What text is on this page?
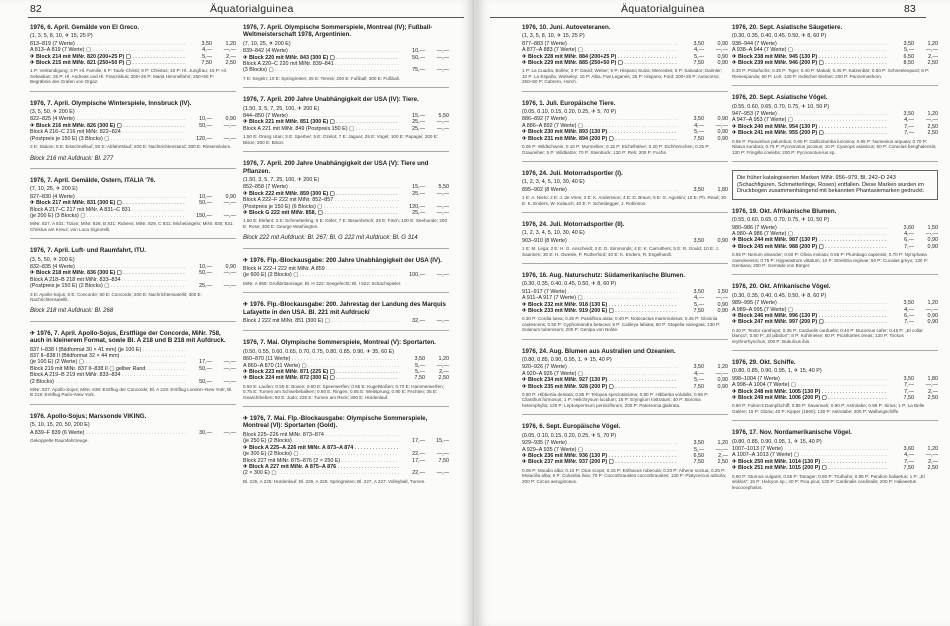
82	Äquatorialguinea
1976, 6. April. Gemälde von El Greco.
(1, 3, 5, 8, 10, ✈ 15, 25 P)
813–819 (7 Werte) . . .	3,50	1,20
A 813–A 819 (7 Werte) ▢ . . .	4,—	—,—
✈ Block 214 mit MiNr. 820 (200+25 P) ▢ . . .	5,—	2,—
✈ Block 215 mit MiNr. 821 (250+50 P) ▢ . . .	7,50	2,50
1 P: Verkündigung; 3 P: Hl. Familie; 5 P: Taufe Christi; 8 P: Christus; 10 P: Hl. Jungfrau; 15 P: Hl. Sebastian; 25 P: Hl. Andreas und Hl. Franziskus; 200+25 P: Mariä Himmelfahrt; 250+50 P: Begräbnis des Grafen von Orgaz.
1976, 7. April. Olympische Winterspiele, Innsbruck (IV).
(3, 5, 50, ✈ 200 E)
822–825 (4 Werte) . . .	10,—	0,90
✈ Block 216 mit MiNr. 826 (300 E) ▢ . . .	50,—	—,—
Block A 216–C 216 mit MiNr. 822–824 . . .
(Postpreis je 150 E) (3 Blocks) ▢ . . .	120,—	—,—
3 E: Slalom; 5 E: Eisschnellauf; 50 E: Abfahrtslauf; 200 E: Nachtrichtenstand; 300 E: Riesenslalom.
Block 216 mit Aufdruck: Bl. 277
1976, 7. April. Gemälde, Ostern, ITALIA '76.
(7, 10, 25, ✈ 200 E)
827–830 (4 Werte) . . .	10,—	0,90
✈ Block 217 mit MiNr. 831 (300 E) ▢ . . .	50,—	—,—
Block A 217–C 217 mit MiNr. A 831–C 831 . . .
(je 200 E) (3 Blocks) ▢ . . .	150,—	—,—
MiNr. 827, A 831: Tizian; MiNr. 828, B 831: Rubens; MiNr. 829, C 831: Michelangelo; MiNr. 830, 831: Christus am Kreuz; von Luca Signorelli.
1976, 7. April. Luft- und Raumfahrt, ITU.
(3, 5, 50, ✈ 200 E)
832–835 (4 Werte) . . .	10,—	0,90
✈ Block 218 mit MiNr. 836 (300 E) ▢ . . .	50,—	—,—
Block A 218–B 218 mit MiNr. 833–834 . . .
(Postpreis je 150 E) (2 Blocks) ▢ . . .	25,—	—,—
3 E: Apollo-Sojus; 5 E: Concorde; 50 E: Concorde; 200 E: Nachrichtensatellit; 300 E: Nachrichtensatellit.
Block 218 mit Aufdruck: Bl. 268
✈ 1976, 7. April. Apollo-Sojus, Erstflüge der Concorde, MiNr. 758, auch in kleinerem Format, sowie Bl. A 218 und B 218 mit Aufdruck.
837 I–838 I (Bildformat 30 × 41 mm) (je 100 E) . . .
837 II–838 II (Bildformat 32 × 44 mm) . . .
(je 100 E) (2 Werte) ▢ . . .	17,—	—,—
Block 219 mit MiNr. 837 II–838 II ▢ gelber Rand . . .	50,—	—,—
Block A 219–B 219 mit MiNr. 833–834 . . .
(2 Blocks) . . .	50,—	—,—
MiNr. 837: Apollo-Sojus; MiNr. 838: Erstflug der Concorde; Bl. A 219: Erstflug London–New York; Bl. B 219: Erstflug Paris–New York.
1976. Apollo-Sojus; Marssonde VIKING.
(5, 10, 15, 20, 50, 200 E)
A 839–F 839 (6 Werte) . . .	30,—	—,—
Gekoppelte Raumfahrzeuge.
1976, 7. April. Olympische Sommerspiele, Montreal (IV); Fußball-Weltmeisterschaft 1978, Argentinien.
(7, 10, 25, ✈ 200 E)
839–842 (4 Werte) . . .	10,—	—,—
✈ Block 220 mit MiNr. 843 (300 E) ▢ . . .	50,—	—,—
Block A 220–C 220 mit MiNr. 839–841 . . .
(3 Blocks) ▢ . . .	75,—	—,—
7 E: Segeln; 10 E: Springreiten; 25 E: Tennis; 200 E: Fußball; 300 E: Fußball.
1976, 7. April. 200 Jahre Unabhängigkeit der USA (IV): Tiere.
(1.50, 3, 5, 7, 25, 100, ✈ 200 E)
844–850 (7 Werte) . . .	15,—	5,50
✈ Block 221 mit MiNr. 851 (300 E) ▢ . . .	25,—	—,—
Block A 221 mit MiNr. 849 (Postpreis 150 E) ▢ . . .	25,—	—,—
1.50 E: Orang Utan; 3 E: Sperber; 5 E: Ozelot; 7 E: Jaguar; 25 E: Vogel; 100 E: Papagei; 200 E: Bison; 300 E: Bison.
1976, 7. April. 200 Jahre Unabhängigkeit der USA (V): Tiere und Pflanzen.
(1.50, 3, 5, 7, 25, 100, ✈ 200 E)
852–858 (7 Werte) . . .	15,—	5,50
✈ Block 222 mit MiNr. 859 (300 E) ▢ . . .	25,—	—,—
Block A 222–F 222 mit MiNr. 852–857 . . .
(Postpreis je 150 E) (6 Blocks) ▢ . . .	120,—	—,—
✈ Block G 222 mit MiNr. 858, ▢ . . .	25,—	—,—
1.50 E: Elefant; 3 E: Schmetterling; 5 E: Käfer; 7 E: Bisamhirsch; 25 E: Fisch; 100 E: Seehunde; 200 E: Rose; 300 E: George Washington.
Block 222 mit Aufdruck: Bl. 267; Bl. G 222 mit Aufdruck: Bl. G 314
✈ 1976. Flp.-Blockausgabe: 200 Jahre Unabhängigkeit der USA (IV).
Block H 222–I 222 mit MiNr. A 859 . . .
(je 600 E) (2 Blocks) ▢ . . .	100,—	—,—
MiNr. A 859: Großbritanniage; Bl. H 322: Seegefecht; Bl. I 522: Schachspieler.
✈ 1976. Flp.-Blockausgabe: 200. Jahrestag der Landung des Marquis Lafayette in den USA. Bl. 221 mit Aufdruck/
Block J 222 mit MiNr. 851 (300 E) ▢ . . .	32,—	—,—
1976, 7. Mai. Olympische Sommerspiele, Montreal (V): Sportarten.
(0.50, 0.55, 0.60, 0.65, 0.70, 0.75, 0.80, 0.85, 0.90, ✈ 35, 60 E)
860–870 (11 Werte) . . .	3,50	1,20
A 860–A 870 (11 Werte) ▢ . . .	5,—	—,—
✈ Block 223 mit MiNr. 871 (225 E) ▢ . . .	5,—	2,—
✈ Block 224 mit MiNr. 872 (300 E) ▢ . . .	7,50	2,50
0.50 E: Laufen; 0.55 E: Boxen; 0.60 E: Speerwerfen; 0.65 E: Kugelstoßen; 0.70 E: Hammerwerfen; 0.75 E: Turnen am Schwebebalken; 0.80 E: Ringen; 0.85 E: Weitsprung; 0.90 E: Fechten; 35 E: Gewichtheben; 60 E: Judo; 225 E: Turnen am Reck; 300 E: Hürdenlauf.
✈ 1976, 7. Mai. Flp.-Blockausgabe: Olympische Sommerspiele, Montreal (VI): Sportarten (Gold).
Block 225–226 mit MiNr. 873–874 . . .
(je 250 E) (2 Blocks) . . .	17,—	15,—
✈ Block A 225–A 226 mit MiNr. A 873–A 874 . . .
(je 300 E) (2 Blocks) ▢ . . .	22,—	—,—
Block 227 mit MiNr. 875–876 (2 × 250 E) . . .	17,—	7,50
✈ Block A 227 mit MiNr. A 875–A 876 . . .
(2 × 300 E) ▢ . . .	22,—	—,—
Bl. 225, A 225: Hürdenlauf; Bl. 226, A 226: Springreiten; Bl. 227, A 227: Volleyball, Turnen.
Äquatorialguinea	83
1976, 10. Juni. Autoveteranen.
(1, 3, 5, 8, 10, ✈ 15, 25 P)
877–883 (7 Werte) . . .	3,50	0,90
A 877–A 883 (7 Werte) ▢ . . .	4,—	—,—
✈ Block 228 mit MiNr. 884 (200+25 P) . . .	5,—	0,90
✈ Block 229 mit MiNr. 885 (250+50 P) ▢ . . .	7,50	0,90
1 P: La Cuadra, Bollée; 3 P: David; Weber; 5 P: Hispano Suiza; Mercedes; 8 P: Salvador; Daimler; 10 P: La España, Wolseley; 15 P: Alba, Fiat Leganés; 25 P: Hispano; Ford; 200+25 P: Autocorso; 250+50 P: Cabrero, Horch.
1976, 1. Juli. Europäische Tiere.
(0.05, 0.10, 0.15, 0.20, 0.25, ✈ 5, 70 P)
886–892 (7 Werte) . . .	3,50	0,90
A 886–A 892 (7 Werte) ▢ . . .	4,—	—,—
✈ Block 230 mit MiNr. 893 (130 P) . . .	5,—	0,90
✈ Block 231 mit MiNr. 894 (200 P) ▢ . . .	7,50	0,90
0.05 P: Wildschwein; 0.10 P: Murmeltier; 0.15 P: Eichelhäher; 0.20 P: Eichhörnchen; 0.25 P: Graureiher; 5 P: Wildkatze; 70 P: Steinbock; 130 P: Reh; 200 P: Fuchs.
1976, 24. Juli. Motorradsportler (I).
(1, 2, 3, 4, 5, 10, 30, 40 E)
895–902 (8 Werte) . . .	3,50	1,80
1 E: A. Nieto; 2 E: J. de Vries; 3 E: K. Andersson; 4 E: D. Braun; 5 E: G. Agostini; 10 E: Ph. Read; 30 E: K. Enders, W. Kalauch; 40 E: F. Scheidegger, J. Robinson.
1976, 24. Juli. Motorradsportler (II).
(1, 2, 3, 4, 5, 10, 30, 40 E)
903–910 (8 Werte) . . .	3,50	0,90
1 E: M. Lega; 2 E: H. G. Anscheidt; 3 E: D. Simmonds; 4 E: K. Carruthers; 5 E: R. Gould; 10 E: J. Saarinen; 30 E: H. Owesle, P. Rutherford; 40 E: K. Enders, R. Engelhardt.
1976, 16. Aug. Naturschutz: Südamerikanische Blumen.
(0.30, 0.35, 0.40, 0.45, 0.50, ✈ 8, 60 P)
911–917 (7 Werte) . . .	3,50	1,50
A 911–A 917 (7 Werte) ▢ . . .	4,—	—,—
✈ Block 232 mit MiNr. 918 (130 E) . . .	5,—	0,90
✈ Block 233 mit MiNr. 919 (200 E) ▢ . . .	7,50	0,90
0.30 P: Cordia lutea; 0.35 P: Passiflora alata; 0.40 P: Notocactus mammulosus; 0.45 P: Gloxinia caulescens; 0.50 P: Cyphomandra betacea; 8 P: Catileya labiata; 60 P: Stapelia variegata; 130 P: Solanum tuberosum; 200 P: Genipa von Nolde.
1976, 24. Aug. Blumen aus Australien und Ozeanien.
(0.80, 0.85, 0.90, 0.95, 1, ✈ 15, 40 P)
920–926 (7 Werte) . . .	3,50	1,20
A 920–A 926 (7 Werte) ▢ . . .	4,—	—,—
✈ Block 234 mit MiNr. 927 (130 P) . . .	5,—	0,90
✈ Block 235 mit MiNr. 928 (200 P) ▢ . . .	7,50	0,90
0.80 P: Hibbertia dentata; 0.85 P: Telopea speciosissima; 0.90 P: Hibbertia volubilis; 0.95 P: Clianthus formosus; 1 P: Helichrysum lucidum; 15 P: Eryngium rostratum; 40 P: Boronia heterophylla; 130 P: Leptospermum persiciflorum; 200 P: Patersonia glabrata.
1976, 6. Sept. Europäische Vögel.
(0.05, 0.10, 0.15, 0.20, 0.25, ✈ 5, 70 P)
929–935 (7 Werte) . . .	3,50	1,20
A 929–A 935 (7 Werte) ▢ . . .	5,—	—,—
✈ Block 236 mit MiNr. 936 (130 P) . . .	6,50	2,—
✈ Block 237 mit MiNr. 937 (200 P) ▢ . . .	7,50	2,50
0.05 P: Moudio alba; 0.10 P: Otus scops; 0.15 P: Erithacus rubecula; 0.20 P: Athene noctua; 0.25 P: Motacilla alba; 5 P: Columba livia; 70 P: Coccothraustes coccothraustes; 130 P: Platycercus adscita; 200 P: Circus aeruginosus.
1976, 20. Sept. Asiatische Säugetiere.
(0.30, 0.35, 0.40, 0.45, 0.50, ✈ 8, 60 P)
938–944 (7 Werte) . . .	3,50	1,20
A 938–A 944 (7 Werte) ▢ . . .	5,—	—,—
✈ Block 238 mit MiNr. 945 (130 P) . . .	6,50	2,—
✈ Block 239 mit MiNr. 946 (200 P) ▢ . . .	8,50	2,50
0.30 P: Polarfuchs; 0.35 P: Tiger; 0.40 P: Makak; 0.45 P: Katzenbär; 0.50 P: Schneeleopard; 8 P: Riesenpanda; 60 P: Lori; 130 P: Indischer Elefant; 200 P: Panzernashorn.
1976, 20. Sept. Asiatische Vögel.
(0.55, 0.60, 0.65, 0.70, 0.75, ✈ 10, 50 P)
947–953 (7 Werte) . . .	3,50	1,20
A 947–A 953 (7 Werte) ▢ . . .	4,—	—,—
✈ Block 240 mit MiNr. 954 (130 P) . . .	7,—	2,50
✈ Block 241 mit MiNr. 955 (200 P) ▢ . . .	7,—	2,50
0.55 P: Paoumbus palumbus; 0.60 P: Gallicolumba luzonica; 0.65 P: Numenius arquata; 0.70 P: Nitava sundara; 0.75 P: Pycnonotus jocosus; 10 P: Cyanops asiaticus; 50 P: Coracias benghalensis; 130 P: Fringilla coelebs; 200 P: Pycnonotus-lus sp.
Die früher katalogisierten Marken MiNr. 956–979, Bl. 242–D 243 (Schachfiguren, Schmetterlinge, Rosen) entfallen. Diese Marken wurden im Druckbogen zusammenhängend mit bekannten Phantasiemarken gedruckt.
1976, 19. Okt. Afrikanische Blumen.
(0.55, 0.60, 0.65, 0.70, 0.75, ✈ 10, 50 P)
980–986 (7 Werte) . . .	3,60	1,50
A 980–A 986 (7 Werte) ▢ . . .	4,—	—,—
✈ Block 244 mit MiNr. 987 (130 P) . . .	6,—	0,90
✈ Block 245 mit MiNr. 988 (200 P) ▢ . . .	7,—	0,90
0.55 P: Nerium oleander; 0.60 P: Olivia miniata; 0.65 P: Plumbago capensis; 0.70 P: Nymphaea caeruleensis; 0.75 P: Hippeastrum vittatum; 10 P: Strelitzia reginae; 50 P: Cucalas greyo; 130 P: Gentiana; 200 P: Gernäde von Bürger.
1976, 20. Okt. Afrikanische Vögel.
(0.30, 0.35, 0.40, 0.45, 0.50, ✈ 8, 60 P)
989–995 (7 Werte) . . .	3,50	1,20
A 989–A 995 (7 Werte) ▢ . . .	4,—	—,—
✈ Block 246 mit MiNr. 996 (130 P) . . .	6,—	0,90
✈ Block 247 mit MiNr. 997 (200 P) ▢ . . .	7,—	0,90
0.30 P: Textor xanthops; 0.35 P: Carduelis carduelis; 0.40 P: Bucorvus cafer; 0.45 P: „El collar blanco“; 0.50 P: „El pibidon“; 8 P: Kohlmeise; 60 P: Picathartes oreas; 130 P: Tockus erythrorhynchus; 200 P: Bubulcus ibis.
1976, 29. Okt. Schiffe.
(0.80, 0.85, 0.90, 0.95, 1, ✈ 15, 40 P)
998–1004 (7 Werte) . . .	3,50	1,80
A 998–A 1004 (7 Werte) ▢ . . .	7,—	—,—
✈ Block 248 mit MiNr. 1005 (130 P) . . .	7,—	2,—
✈ Block 249 mit MiNr. 1006 (200 P) ▢ . . .	7,50	2,50
0.80 P: Fulton's Dampfschiff; 0.85 P: Savannah; 0.90 P: Astrolabe; 0.95 P: Sirius; 1 P: La Belle Galère; 15 P: Gloria; 40 P: Kipper (1860); 130 P: Astrolabe; 200 P: Walfangschiffe.
1976, 17. Nov. Nordamerikanische Vögel.
(0.80, 0.85, 0.90, 0.95, 1, ✈ 15, 40 P)
1007–1013 (7 Werte) . . .	3,60	1,20
A 1007–A 1013 (7 Werte) ▢ . . .	4,—	—,—
✈ Block 250 mit MiNr. 1014 (130 P) . . .	7,—	2,—
✈ Block 251 mit MiNr. 1015 (200 P) ▢ . . .	7,50	2,50
0.80 P: Sturnus vulgaris; 0.85 P: Tanager; 0.90 P: Truthahn; 0.95 P: Pandion haliaetus; 1 P: „El sitiklos“; 15 P: Halcyon sp.; 40 P: Pica pica; 130 P: Cardinalis cardinalis; 200 P: Haliaeetus leucocephalus.
